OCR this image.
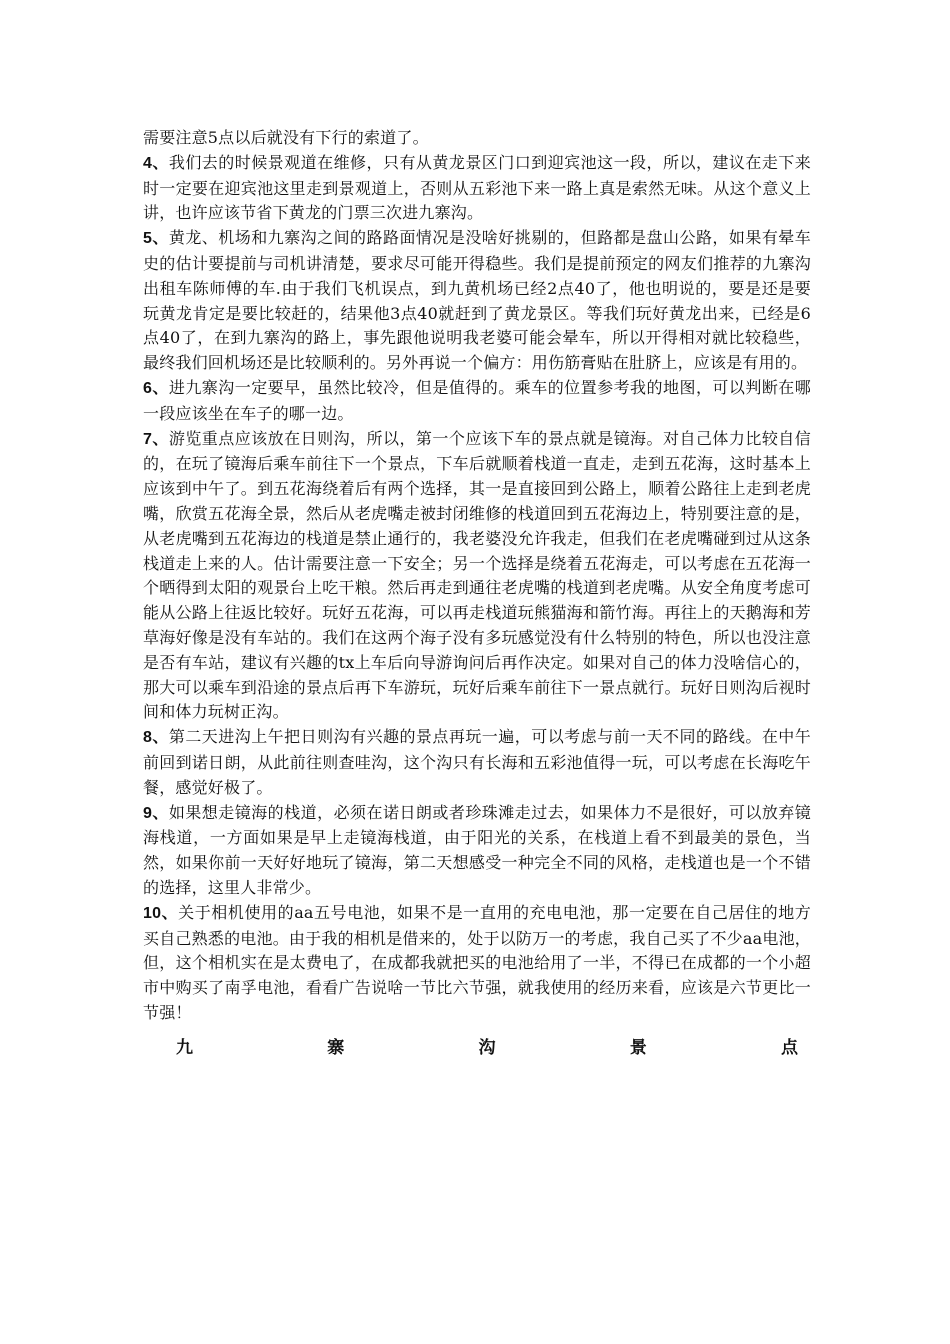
需要注意5点以后就没有下行的索道了。

4、我们去的时候景观道在维修，只有从黄龙景区门口到迎宾池这一段，所以，建议在走下来时一定要在迎宾池这里走到景观道上，否则从五彩池下来一路上真是索然无味。从这个意义上讲，也许应该节省下黄龙的门票三次进九寨沟。

5、黄龙、机场和九寨沟之间的路路面情况是没啥好挑剔的，但路都是盘山公路，如果有晕车史的估计要提前与司机讲清楚，要求尽可能开得稳些。我们是提前预定的网友们推荐的九寨沟出租车陈师傅的车.由于我们飞机误点，到九黄机场已经2点40了，他也明说的，要是还是要玩黄龙肯定是要比较赶的，结果他3点40就赶到了黄龙景区。等我们玩好黄龙出来，已经是6点40了，在到九寨沟的路上，事先跟他说明我老婆可能会晕车，所以开得相对就比较稳些，最终我们回机场还是比较顺利的。另外再说一个偏方：用伤筋膏贴在肚脐上，应该是有用的。

6、进九寨沟一定要早，虽然比较冷，但是值得的。乘车的位置参考我的地图，可以判断在哪一段应该坐在车子的哪一边。

7、游览重点应该放在日则沟，所以，第一个应该下车的景点就是镜海。对自己体力比较自信的，在玩了镜海后乘车前往下一个景点，下车后就顺着栈道一直走，走到五花海，这时基本上应该到中午了。到五花海绕着后有两个选择，其一是直接回到公路上，顺着公路往上走到老虎嘴，欣赏五花海全景，然后从老虎嘴走被封闭维修的栈道回到五花海边上，特别要注意的是，从老虎嘴到五花海边的栈道是禁止通行的，我老婆没允许我走，但我们在老虎嘴碰到过从这条栈道走上来的人。估计需要注意一下安全；另一个选择是绕着五花海走，可以考虑在五花海一个晒得到太阳的观景台上吃干粮。然后再走到通往老虎嘴的栈道到老虎嘴。从安全角度考虑可能从公路上往返比较好。玩好五花海，可以再走栈道玩熊猫海和箭竹海。再往上的天鹅海和芳草海好像是没有车站的。我们在这两个海子没有多玩感觉没有什么特别的特色，所以也没注意是否有车站，建议有兴趣的tx上车后向导游询问后再作决定。如果对自己的体力没啥信心的，那大可以乘车到沿途的景点后再下车游玩，玩好后乘车前往下一景点就行。玩好日则沟后视时间和体力玩树正沟。

8、第二天进沟上午把日则沟有兴趣的景点再玩一遍，可以考虑与前一天不同的路线。在中午前回到诺日朗，从此前往则查哇沟，这个沟只有长海和五彩池值得一玩，可以考虑在长海吃午餐，感觉好极了。

9、如果想走镜海的栈道，必须在诺日朗或者珍珠滩走过去，如果体力不是很好，可以放弃镜海栈道，一方面如果是早上走镜海栈道，由于阳光的关系，在栈道上看不到最美的景色，当然，如果你前一天好好地玩了镜海，第二天想感受一种完全不同的风格，走栈道也是一个不错的选择，这里人非常少。

10、关于相机使用的aa五号电池，如果不是一直用的充电电池，那一定要在自己居住的地方买自己熟悉的电池。由于我的相机是借来的，处于以防万一的考虑，我自己买了不少aa电池，但，这个相机实在是太费电了，在成都我就把买的电池给用了一半，不得已在成都的一个小超市中购买了南孚电池，看看广告说啥一节比六节强，就我使用的经历来看，应该是六节更比一节强！

九	寨	沟	景	点
